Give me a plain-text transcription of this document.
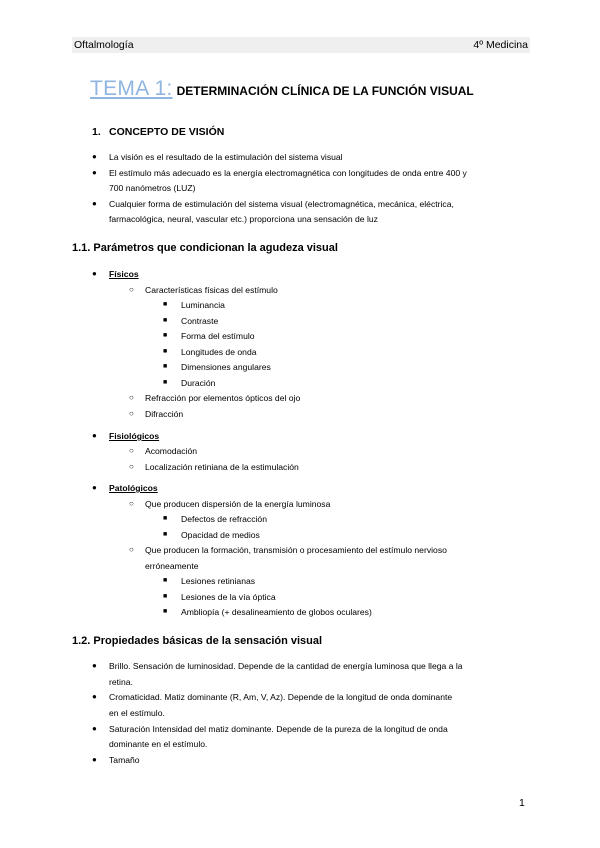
Oftalmología	4º Medicina
TEMA 1: DETERMINACIÓN CLÍNICA DE LA FUNCIÓN VISUAL
1. CONCEPTO DE VISIÓN
● La visión es el resultado de la estimulación del sistema visual
● El estímulo más adecuado es la energía electromagnética con longitudes de onda entre 400 y
700 nanómetros (LUZ)
● Cualquier forma de estimulación del sistema visual (electromagnética, mecánica, eléctrica,
farmacológica, neural, vascular etc.) proporciona una sensación de luz
1.1. Parámetros que condicionan la agudeza visual
● Físicos
○ Características físicas del estímulo
■ Luminancia
■ Contraste
■ Forma del estímulo
■ Longitudes de onda
■ Dimensiones angulares
■ Duración
○ Refracción por elementos ópticos del ojo
○ Difracción
● Fisiológicos
○ Acomodación
○ Localización retiniana de la estimulación
● Patológicos
○ Que producen dispersión de la energía luminosa
■ Defectos de refracción
■ Opacidad de medios
○ Que producen la formación, transmisión o procesamiento del estímulo nervioso
erróneamente
■ Lesiones retinianas
■ Lesiones de la vía óptica
■ Ambliopía (+ desalineamiento de globos oculares)
1.2. Propiedades básicas de la sensación visual
● Brillo. Sensación de luminosidad. Depende de la cantidad de energía luminosa que llega a la
retina.
● Cromaticidad. Matiz dominante (R, Am, V, Az). Depende de la longitud de onda dominante
en el estímulo.
● Saturación Intensidad del matiz dominante. Depende de la pureza de la longitud de onda
dominante en el estímulo.
● Tamaño
1
